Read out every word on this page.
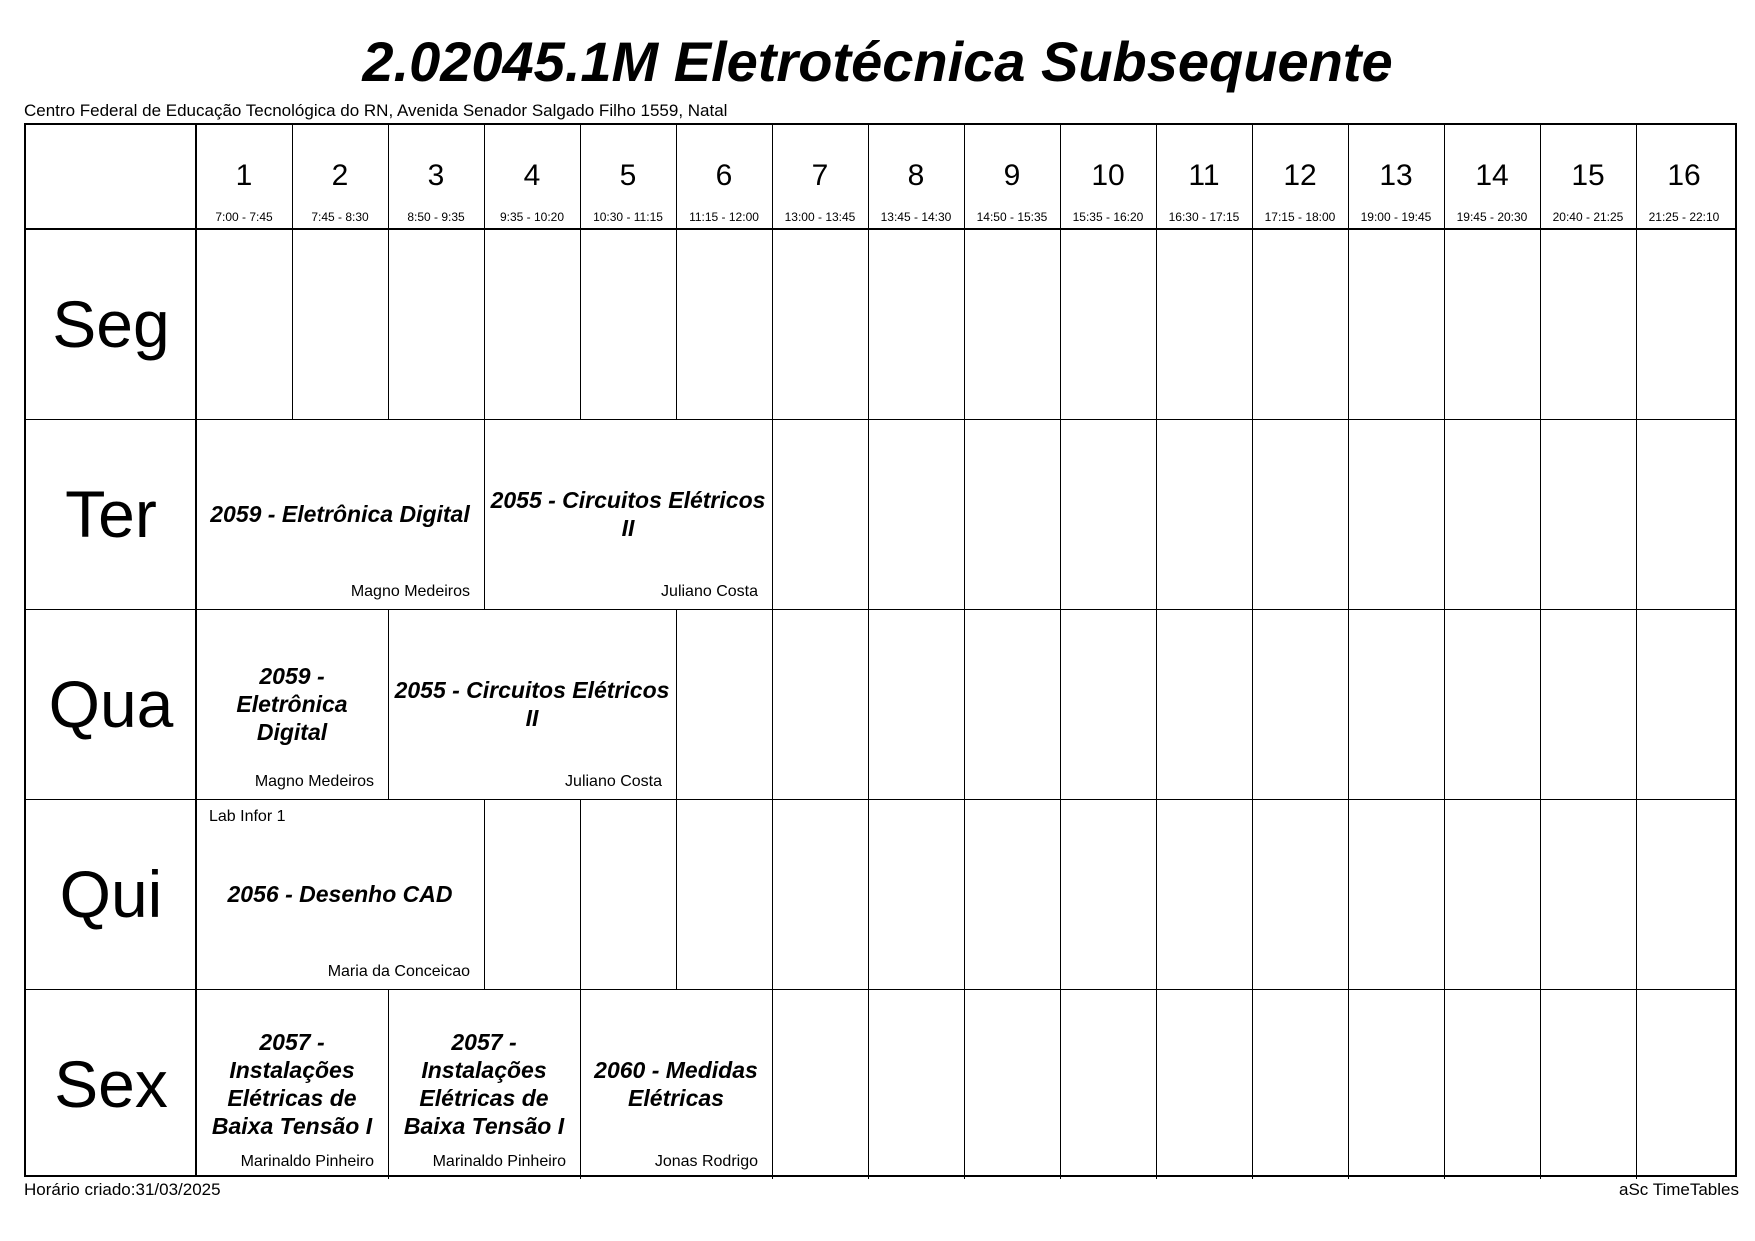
2.02045.1M Eletrotécnica Subsequente
Centro Federal de Educação Tecnológica do RN, Avenida Senador Salgado Filho 1559, Natal
1
7:00 - 7:45
2
7:45 - 8:30
3
8:50 - 9:35
4
9:35 - 10:20
5
10:30 - 11:15
6
11:15 - 12:00
7
13:00 - 13:45
8
13:45 - 14:30
9
14:50 - 15:35
10
15:35 - 16:20
11
16:30 - 17:15
12
17:15 - 18:00
13
19:00 - 19:45
14
19:45 - 20:30
15
20:40 - 21:25
16
21:25 - 22:10
Seg
Ter
Qua
Qui
Sex
2059 - Eletrônica Digital
Magno Medeiros
2055 - Circuitos Elétricos II
Juliano Costa
2059 - Eletrônica Digital
Magno Medeiros
2055 - Circuitos Elétricos II
Juliano Costa
2056 - Desenho CAD
Maria da Conceicao
Lab Infor 1
2057 - Instalações Elétricas de Baixa Tensão I
Marinaldo Pinheiro
2057 - Instalações Elétricas de Baixa Tensão I
Marinaldo Pinheiro
2060 - Medidas Elétricas
Jonas Rodrigo
Horário criado:31/03/2025	aSc TimeTables
